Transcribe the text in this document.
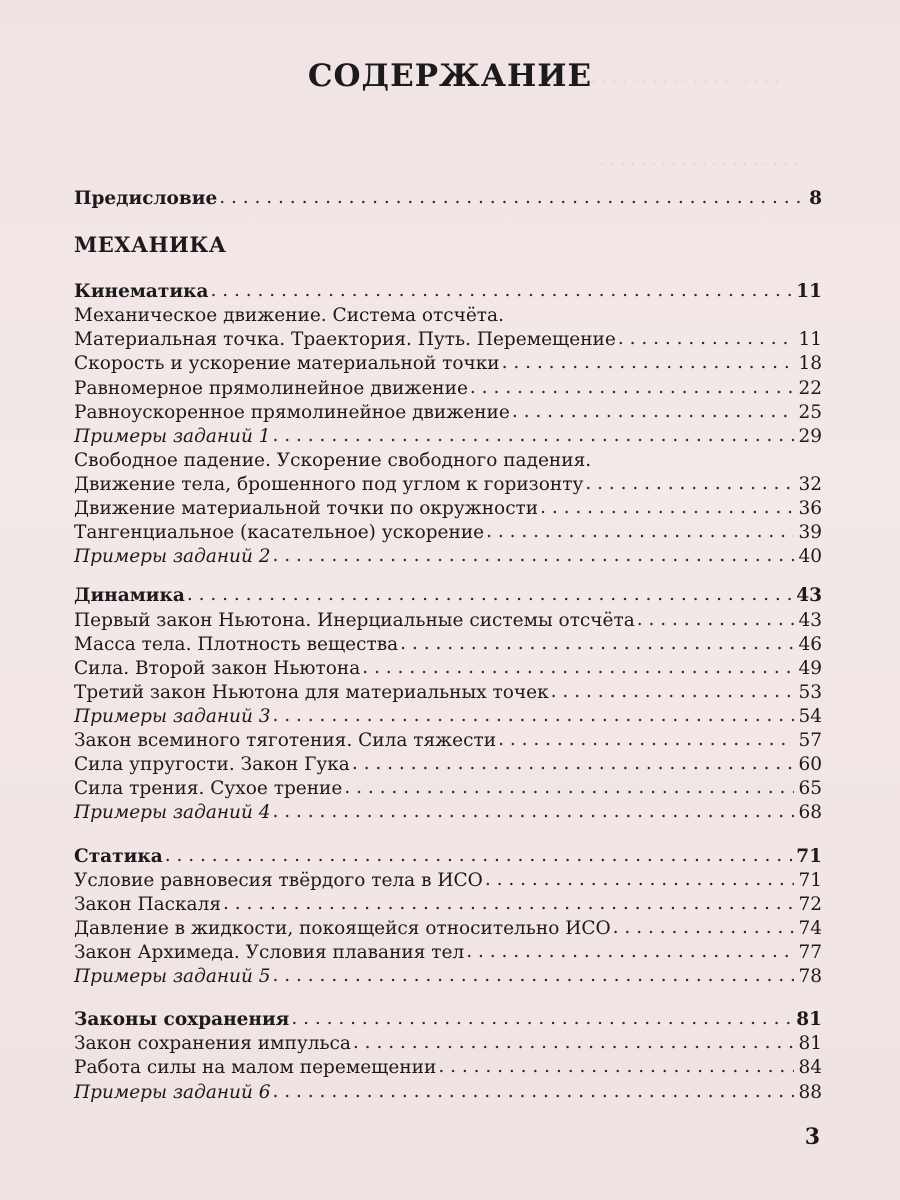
. . . . . . . . . . . . . . . . . . . . . . . . . .
. . . . . . . . . . . . . . . . . . . .
СОДЕРЖАНИЕ
Предисловие . . .	8
МЕХАНИКА
Кинематика . . .	11
Механическое движение. Система отсчёта.
Материальная точка. Траектория. Путь. Перемещение . . .	11
Скорость и ускорение материальной точки . . .	18
Равномерное прямолинейное движение . . .	22
Равноускоренное прямолинейное движение . . .	25
Примеры заданий 1 . . .	29
Свободное падение. Ускорение свободного падения.
Движение тела, брошенного под углом к горизонту . . .	32
Движение материальной точки по окружности . . .	36
Тангенциальное (касательное) ускорение . . .	39
Примеры заданий 2 . . .	40
Динамика . . .	43
Первый закон Ньютона. Инерциальные системы отсчёта . . .	43
Масса тела. Плотность вещества . . .	46
Сила. Второй закон Ньютона . . .	49
Третий закон Ньютона для материальных точек . . .	53
Примеры заданий 3 . . .	54
Закон всеминого тяготения. Сила тяжести . . .	57
Сила упругости. Закон Гука . . .	60
Сила трения. Сухое трение . . .	65
Примеры заданий 4 . . .	68
Статика . . .	71
Условие равновесия твёрдого тела в ИСО . . .	71
Закон Паскаля . . .	72
Давление в жидкости, покоящейся относительно ИСО . . .	74
Закон Архимеда. Условия плавания тел . . .	77
Примеры заданий 5 . . .	78
Законы сохранения . . .	81
Закон сохранения импульса . . .	81
Работа силы на малом перемещении . . .	84
Примеры заданий 6 . . .	88
3
